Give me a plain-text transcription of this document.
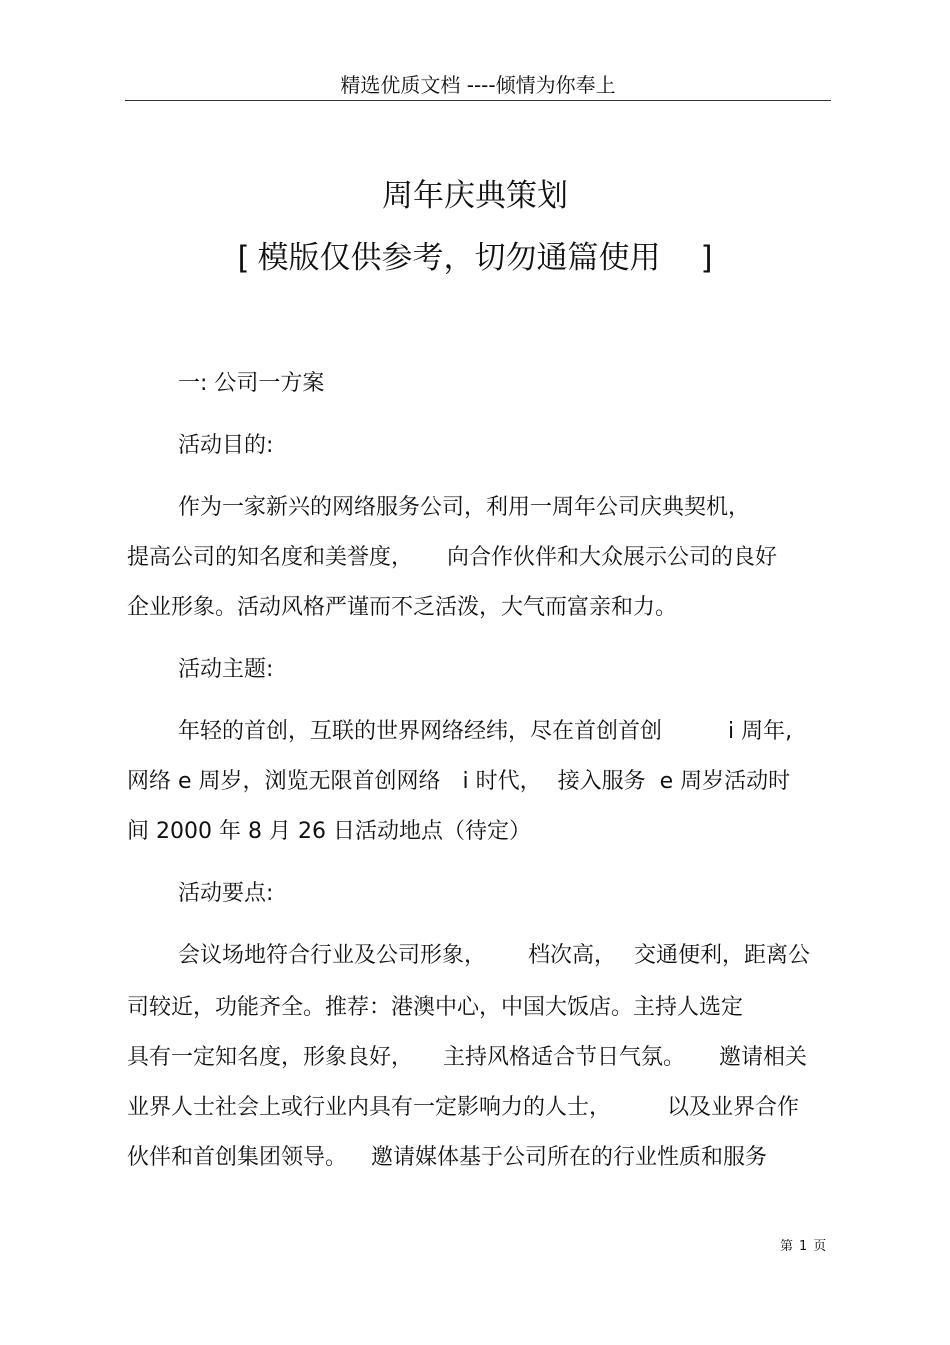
精选优质文档 ----倾情为你奉上
周年庆典策划
[ 模版仅供参考，切勿通篇使用 ]
一: 公司一方案
活动目的:
作为一家新兴的网络服务公司，利用一周年公司庆典契机，
提高公司的知名度和美誉度， 向合作伙伴和大众展示公司的良好
企业形象。活动风格严谨而不乏活泼，大气而富亲和力。
活动主题:
年轻的首创，互联的世界网络经纬，尽在首创首创	i 周年,
网络 e 周岁，浏览无限首创网络 i 时代， 接入服务 e 周岁活动时
间 2000 年 8 月 26 日活动地点（待定）
活动要点:
会议场地符合行业及公司形象， 档次高， 交通便利，距离公
司较近，功能齐全。推荐：港澳中心，中国大饭店。主持人选定
具有一定知名度，形象良好， 主持风格适合节日气氛。 邀请相关
业界人士社会上或行业内具有一定影响力的人士，	以及业界合作
伙伴和首创集团领导。 邀请媒体基于公司所在的行业性质和服务
第 1 页
